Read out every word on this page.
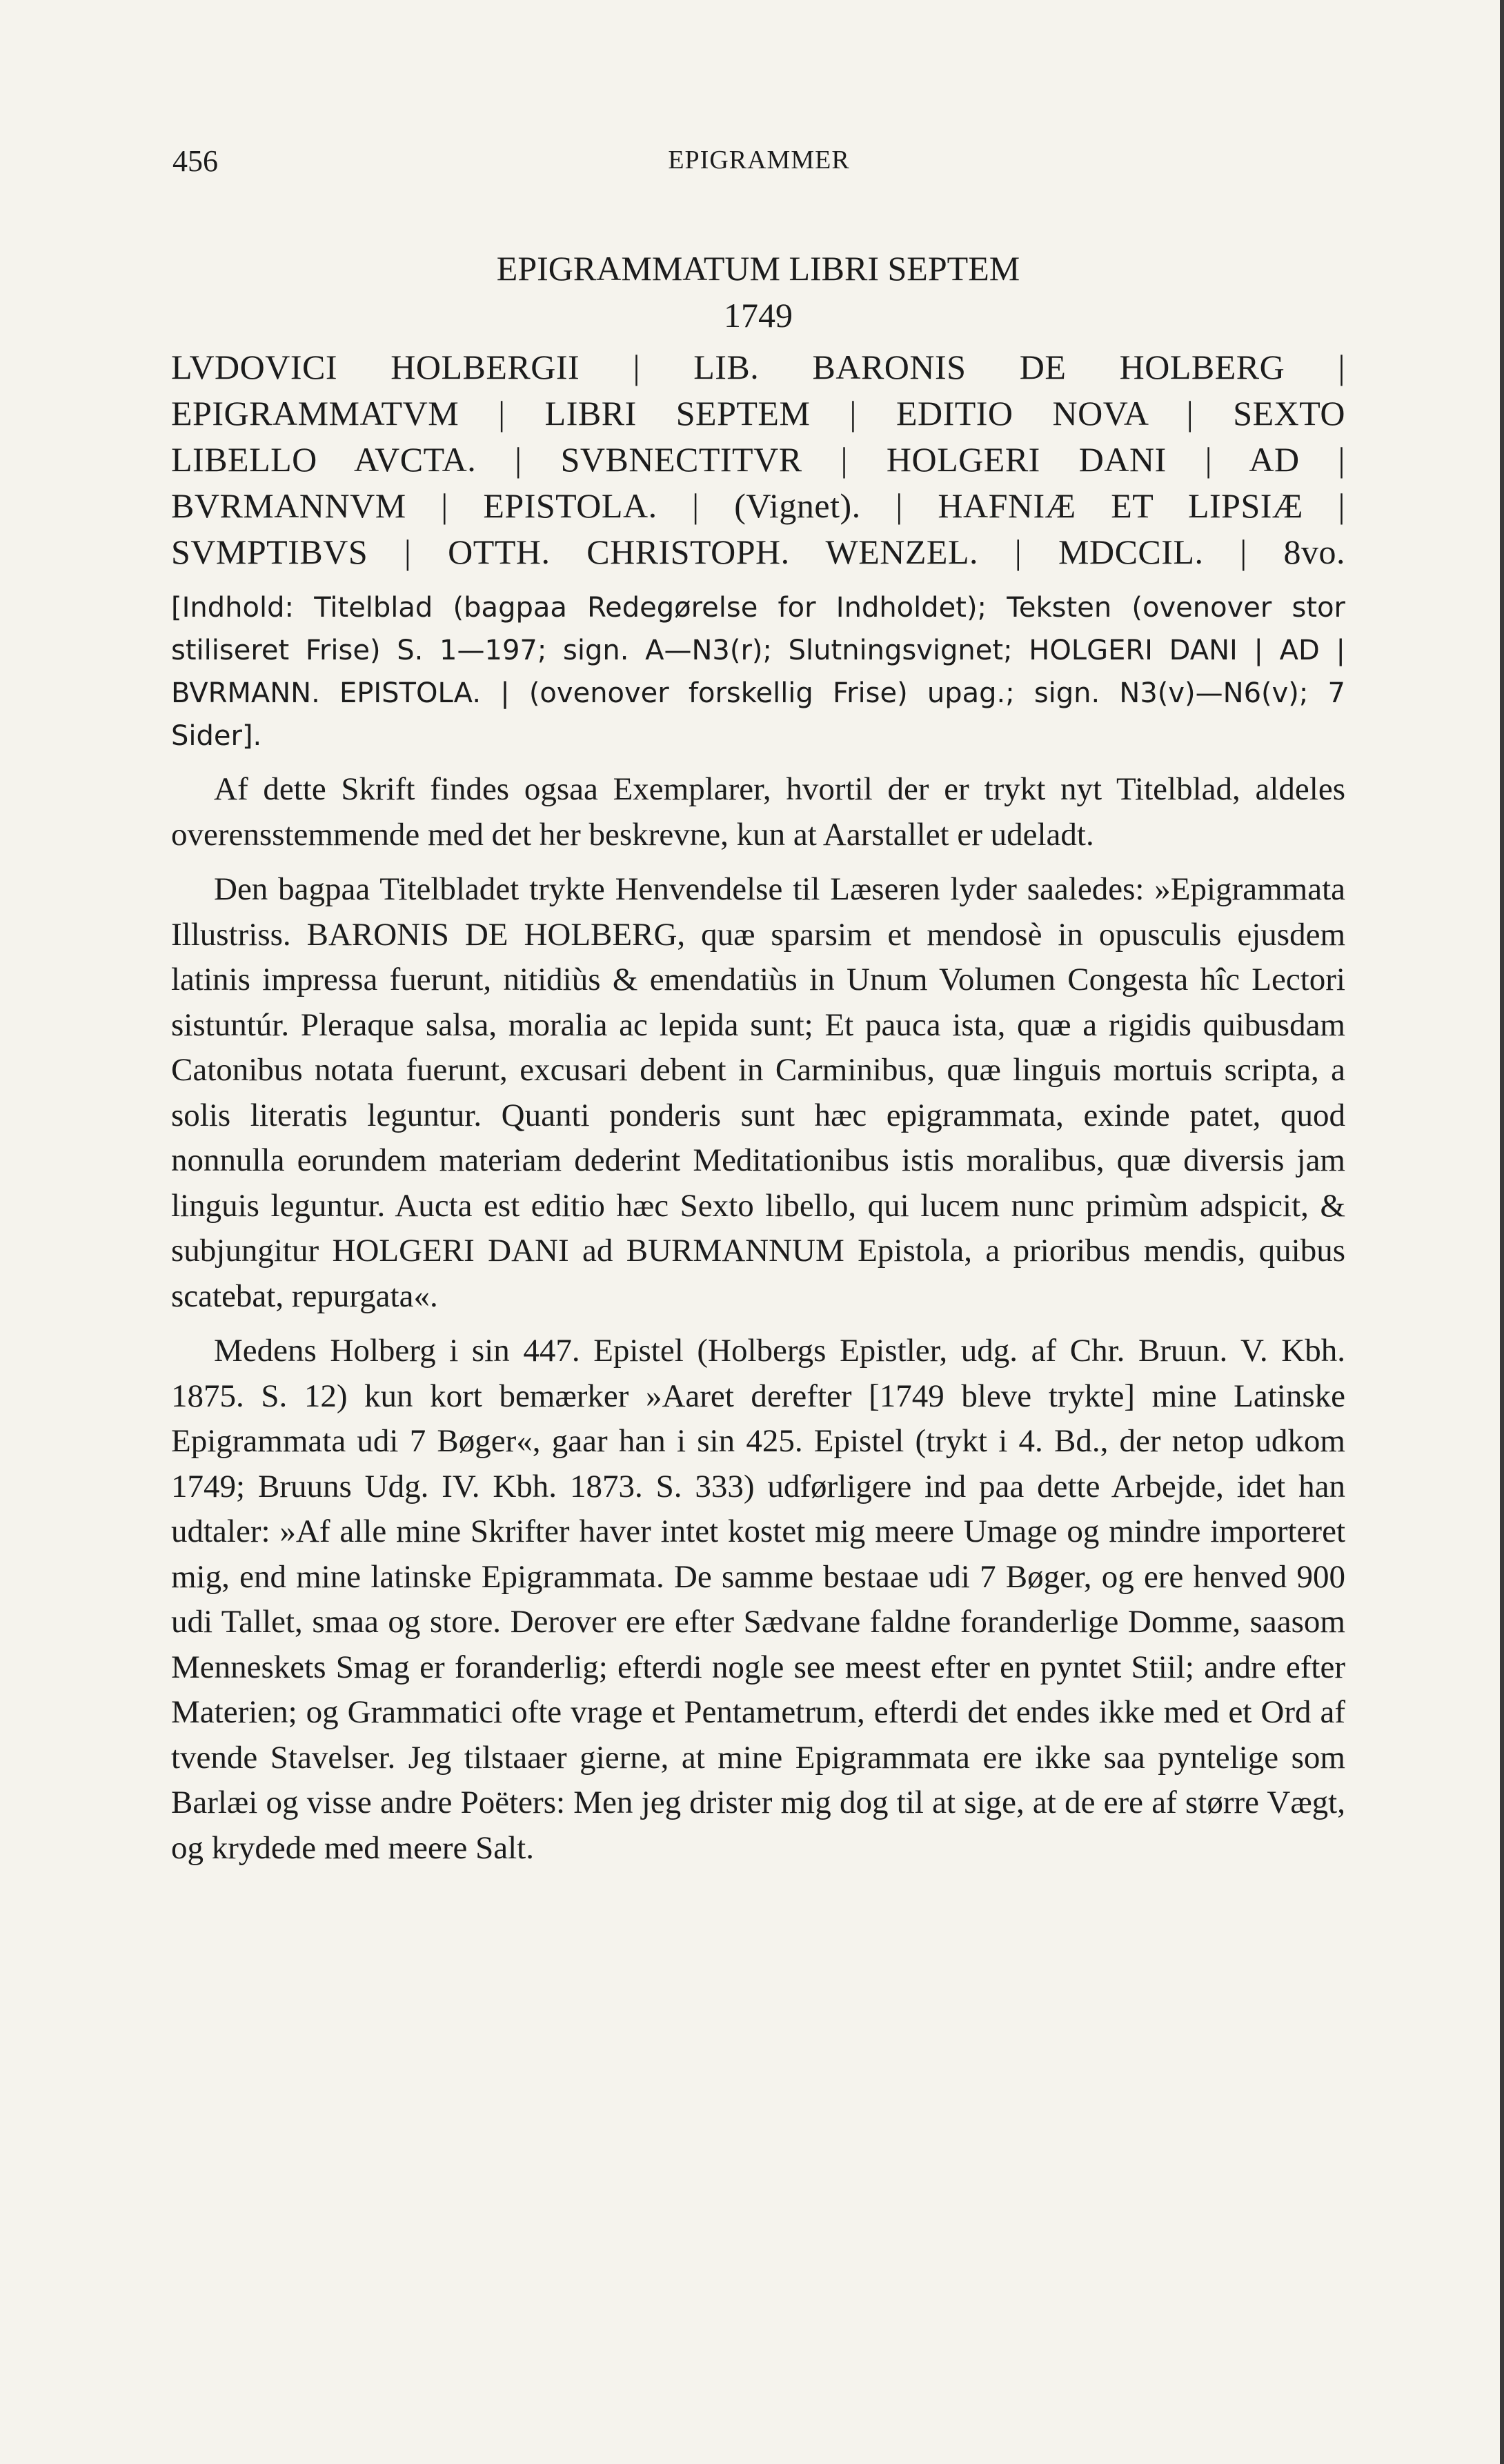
456	EPIGRAMMER

EPIGRAMMATUM LIBRI SEPTEM

1749

LVDOVICI HOLBERGII | LIB. BARONIS DE HOLBERG |
EPIGRAMMATVM | LIBRI SEPTEM | EDITIO NOVA | SEXTO
LIBELLO AVCTA. | SVBNECTITVR | HOLGERI DANI | AD |
BVRMANNVM | EPISTOLA. | (Vignet). | HAFNIÆ ET LIPSIÆ |
SVMPTIBVS | OTTH. CHRISTOPH. WENZEL. | MDCCIL. | 8vo.
[Indhold: Titelblad (bagpaa Redegørelse for Indholdet); Teksten (ovenover stor stiliseret Frise) S. 1—197; sign. A—N3(r); Slutningsvignet; HOLGERI DANI | AD | BVRMANN. EPISTOLA. | (ovenover forskellig Frise) upag.; sign. N3(v)—N6(v); 7 Sider].

Af dette Skrift findes ogsaa Exemplarer, hvortil der er trykt nyt Titelblad, aldeles overensstemmende med det her beskrevne, kun at Aarstallet er udeladt.

Den bagpaa Titelbladet trykte Henvendelse til Læseren lyder saaledes: »Epigrammata Illustriss. BARONIS DE HOLBERG, quæ sparsim et mendosè in opusculis ejusdem latinis impressa fuerunt, nitidiùs & emendatiùs in Unum Volumen Congesta hîc Lectori sistuntúr. Pleraque salsa, moralia ac lepida sunt; Et pauca ista, quæ a rigidis quibusdam Catonibus notata fuerunt, excusari debent in Carminibus, quæ linguis mortuis scripta, a solis literatis leguntur. Quanti ponderis sunt hæc epigrammata, exinde patet, quod nonnulla eorundem materiam dederint Meditationibus istis moralibus, quæ diversis jam linguis leguntur. Aucta est editio hæc Sexto libello, qui lucem nunc primùm adspicit, & subjungitur HOLGERI DANI ad BURMANNUM Epistola, a prioribus mendis, quibus scatebat, repurgata«.

Medens Holberg i sin 447. Epistel (Holbergs Epistler, udg. af Chr. Bruun. V. Kbh. 1875. S. 12) kun kort bemærker »Aaret derefter [1749 bleve trykte] mine Latinske Epigrammata udi 7 Bøger«, gaar han i sin 425. Epistel (trykt i 4. Bd., der netop udkom 1749; Bruuns Udg. IV. Kbh. 1873. S. 333) udførligere ind paa dette Arbejde, idet han udtaler: »Af alle mine Skrifter haver intet kostet mig meere Umage og mindre importeret mig, end mine latinske Epigrammata. De samme bestaae udi 7 Bøger, og ere henved 900 udi Tallet, smaa og store. Derover ere efter Sædvane faldne foranderlige Domme, saasom Menneskets Smag er foranderlig; efterdi nogle see meest efter en pyntet Stiil; andre efter Materien; og Grammatici ofte vrage et Pentametrum, efterdi det endes ikke med et Ord af tvende Stavelser. Jeg tilstaaer gierne, at mine Epigrammata ere ikke saa pyntelige som Barlæi og visse andre Poëters: Men jeg drister mig dog til at sige, at de ere af større Vægt, og krydede med meere Salt.
